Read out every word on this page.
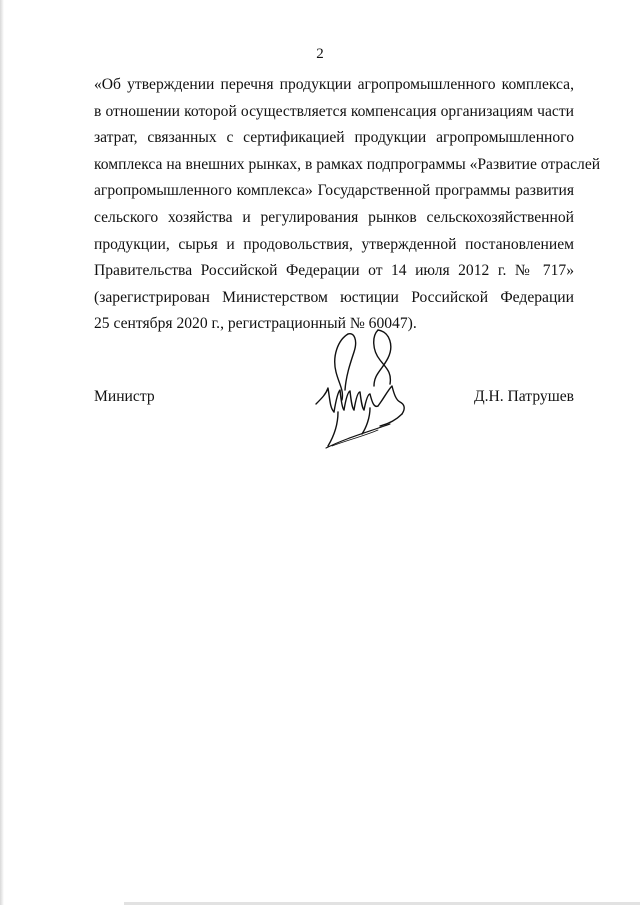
2
«Об утверждении перечня продукции агропромышленного комплекса,
в отношении которой осуществляется компенсация организациям части
затрат, связанных с сертификацией продукции агропромышленного
комплекса на внешних рынках, в рамках подпрограммы «Развитие отраслей
агропромышленного комплекса» Государственной программы развития
сельского хозяйства и регулирования рынков сельскохозяйственной
продукции, сырья и продовольствия, утвержденной постановлением
Правительства Российской Федерации от 14 июля 2012 г. № 717»
(зарегистрирован Министерством юстиции Российской Федерации
25 сентября 2020 г., регистрационный № 60047).
Министр	Д.Н. Патрушев
